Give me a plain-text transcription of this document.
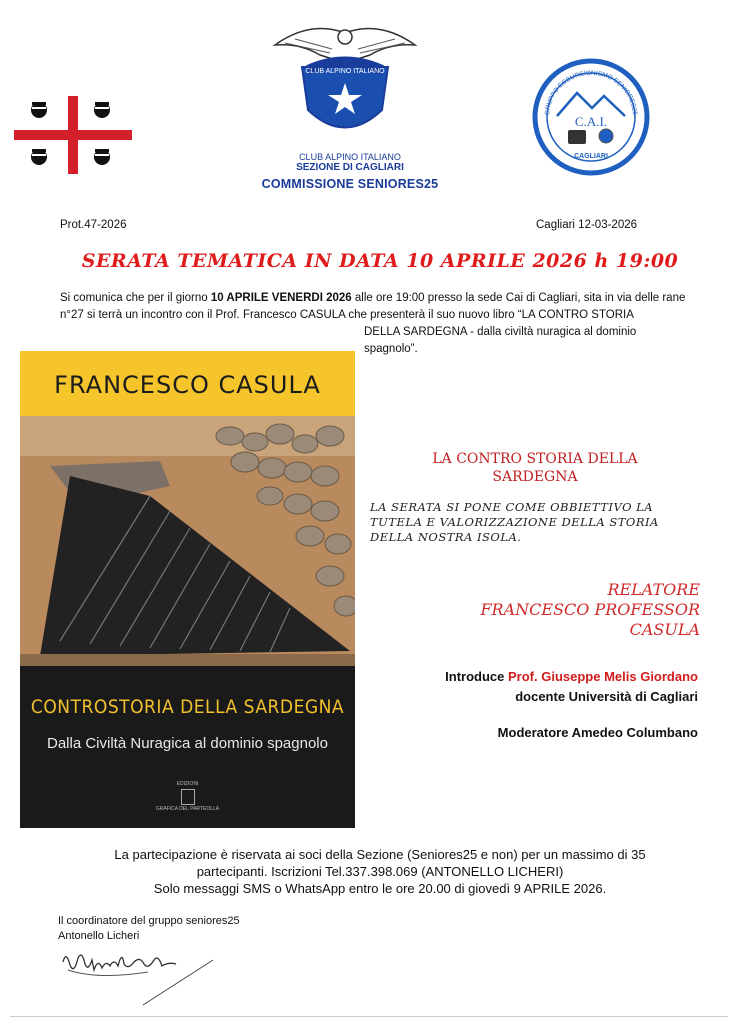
CLUB ALPINO ITALIANO
CLUB ALPINO ITALIANO
SEZIONE DI CAGLIARI
COMMISSIONE SENIORES25
GRUPPO ESCURSIONISMO SENIORES25
C.A.I.
CAGLIARI
Prot.47-2026	Cagliari 12-03-2026
SERATA TEMATICA IN DATA 10 APRILE 2026 h 19:00
Si comunica che per il giorno 10 APRILE VENERDI 2026 alle ore 19:00 presso la sede Cai di Cagliari, sita in via delle rane n°27 si terrà un incontro con il Prof. Francesco CASULA che presenterà il suo nuovo libro “LA CONTRO STORIA
DELLA SARDEGNA - dalla civiltà nuragica al dominio spagnolo”.
FRANCESCO CASULA
CONTROSTORIA DELLA SARDEGNA
Dalla Civiltà Nuragica al dominio spagnolo
EDIZIONI
GRAFICA DEL PARTEOLLA
LA CONTRO STORIA DELLA SARDEGNA
LA SERATA SI PONE COME OBBIETTIVO LA TUTELA E VALORIZZAZIONE DELLA STORIA DELLA NOSTRA ISOLA.
RELATORE
FRANCESCO PROFESSOR
CASULA
Introduce Prof. Giuseppe Melis Giordano
docente Università di Cagliari
Moderatore Amedeo Columbano
La partecipazione è riservata ai soci della Sezione (Seniores25 e non) per un massimo di 35
partecipanti. Iscrizioni Tel.337.398.069 (ANTONELLO LICHERI)
Solo messaggi SMS o WhatsApp entro le ore 20.00 di giovedì 9 APRILE 2026.
Il coordinatore del gruppo seniores25
Antonello Licheri
